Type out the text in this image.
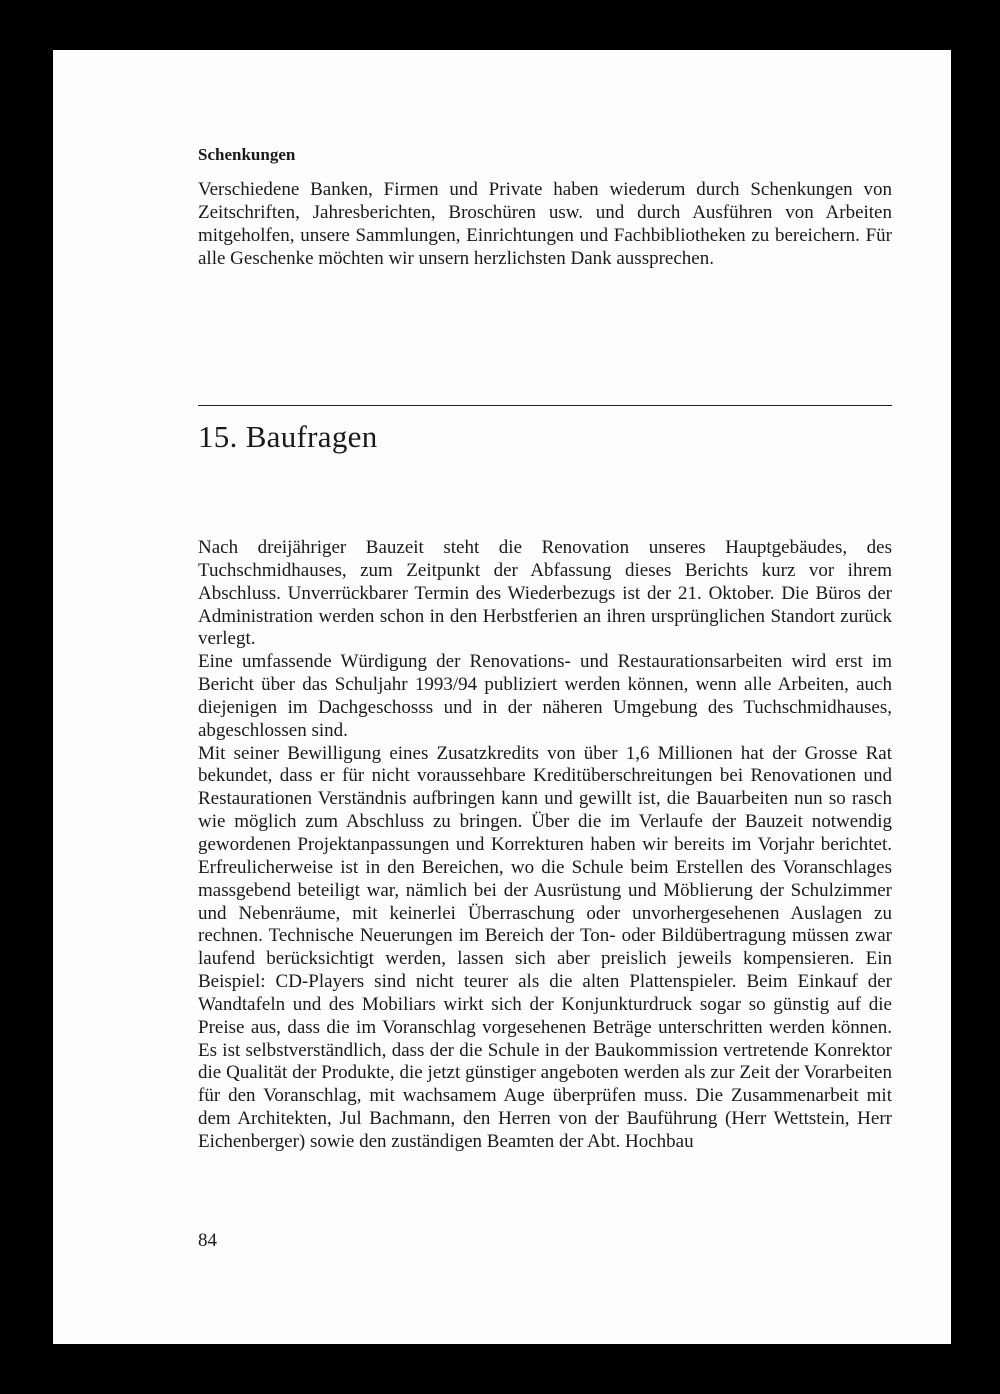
Schenkungen

Verschiedene Banken, Firmen und Private haben wiederum durch Schenkungen von Zeitschriften, Jahresberichten, Broschüren usw. und durch Ausführen von Arbeiten mitgeholfen, unsere Sammlungen, Einrichtungen und Fachbibliotheken zu bereichern. Für alle Geschenke möchten wir unsern herzlichsten Dank aussprechen.

15. Baufragen

Nach dreijähriger Bauzeit steht die Renovation unseres Hauptgebäudes, des Tuchschmidhauses, zum Zeitpunkt der Abfassung dieses Berichts kurz vor ihrem Abschluss. Unverrückbarer Termin des Wiederbezugs ist der 21. Oktober. Die Büros der Administration werden schon in den Herbstferien an ihren ursprünglichen Standort zurück verlegt.

Eine umfassende Würdigung der Renovations- und Restaurationsarbeiten wird erst im Bericht über das Schuljahr 1993/94 publiziert werden können, wenn alle Arbeiten, auch diejenigen im Dachgeschosss und in der näheren Umgebung des Tuchschmidhauses, abgeschlossen sind.

Mit seiner Bewilligung eines Zusatzkredits von über 1,6 Millionen hat der Grosse Rat bekundet, dass er für nicht voraussehbare Kreditüberschreitungen bei Renovationen und Restaurationen Verständnis aufbringen kann und gewillt ist, die Bauarbeiten nun so rasch wie möglich zum Abschluss zu bringen. Über die im Verlaufe der Bauzeit notwendig gewordenen Projektanpassungen und Korrekturen haben wir bereits im Vorjahr berichtet. Erfreulicherweise ist in den Bereichen, wo die Schule beim Erstellen des Voranschlages massgebend beteiligt war, nämlich bei der Ausrüstung und Möblierung der Schulzimmer und Nebenräume, mit keinerlei Überraschung oder unvorhergesehenen Auslagen zu rechnen. Technische Neuerungen im Bereich der Ton- oder Bildübertragung müssen zwar laufend berücksichtigt werden, lassen sich aber preislich jeweils kompensieren. Ein Beispiel: CD-Players sind nicht teurer als die alten Plattenspieler. Beim Einkauf der Wandtafeln und des Mobiliars wirkt sich der Konjunkturdruck sogar so günstig auf die Preise aus, dass die im Voranschlag vorgesehenen Beträge unterschritten werden können. Es ist selbstverständlich, dass der die Schule in der Baukommission vertretende Konrektor die Qualität der Produkte, die jetzt günstiger angeboten werden als zur Zeit der Vorarbeiten für den Voranschlag, mit wachsamem Auge überprüfen muss. Die Zusammenarbeit mit dem Architekten, Jul Bachmann, den Herren von der Bauführung (Herr Wettstein, Herr Eichenberger) sowie den zuständigen Beamten der Abt. Hochbau

84
